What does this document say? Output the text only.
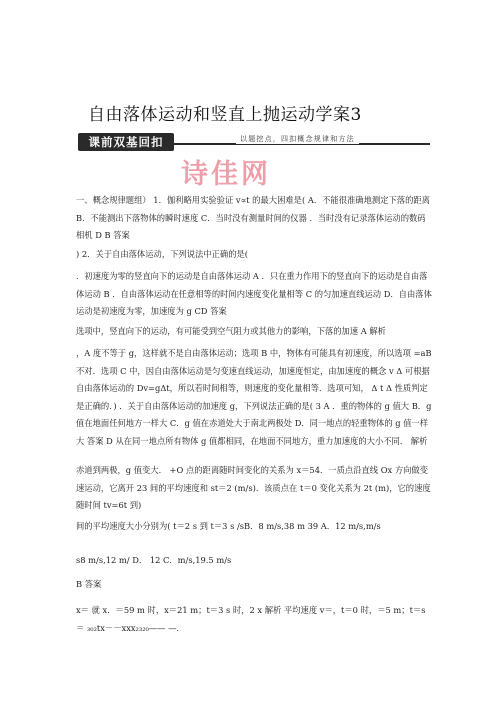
自由落体运动和竖直上抛运动学案3
课前双基回扣	以题挖点，四扣概念规律和方法
诗佳网
一、概念规律题组） 1．伽利略用实验验证 v∝t 的最大困难是( A．不能很准确地测定下落的距离 B．不能测出下落物体的瞬时速度 C．当时没有测量时间的仪器 ．当时没有记录落体运动的数码相机 D B 答案
) 2．关于自由落体运动，下列说法中正确的是(
．初速度为零的竖直向下的运动是自由落体运动 A ．只在重力作用下的竖直向下的运动是自由落体运动 B ．自由落体运动在任意相等的时间内速度变化量相等 C 的匀加速直线运动 D．自由落体运动是初速度为零，加速度为 g CD 答案
选项中，竖直向下的运动，有可能受到空气阻力或其他力的影响，下落的加速 A 解析
，A 度不等于 g，这样就不是自由落体运动；选项 B 中，物体有可能具有初速度，所以选项 =aB 不对．选项 C 中，因自由落体运动是匀变速直线运动，加速度恒定，由加速度的概念 v Δ 可根据自由落体运动的 Dv=gΔt，所以若时间相等，则速度的变化量相等．选项可知， Δ t Δ 性质判定是正确的．) ．关于自由落体运动的加速度 g，下列说法正确的是( 3 A ．重的物体的 g 值大 B．g 值在地面任何地方一样大 C．g 值在赤道处大于南北两极处 D．同一地点的轻重物体的 g 值一样大 答案 D 从在同一地点所有物体 g 值都相同，在地面不同地方，重力加速度的大小不同． 解析
赤道到两极，g 值变大． +O 点的距离随时间变化的关系为 x＝54．一质点沿直线 Ox 方向做变速运动，它离开 23 间的平均速度和 st＝2 (m/s)．该质点在 t＝0 变化关系为 2t (m)，它的速度随时间 tv=6t 到)
间的平均速度大小分别为( t＝2 s 到 t＝3 s /sB．8 m/s,38 m 39 A．12 m/s,m/s
s8 m/s,12 m/ D． 12 C．m/s,19.5 m/s
B 答案
x＝ 就 x．＝59 m 时，x＝21 m；t＝3 s 时，2 x 解析 平均速度 v＝，t＝0 时，＝5 m；t＝s＝ ₃₀₂tx－－xxx₂₃₂₀—— —．
